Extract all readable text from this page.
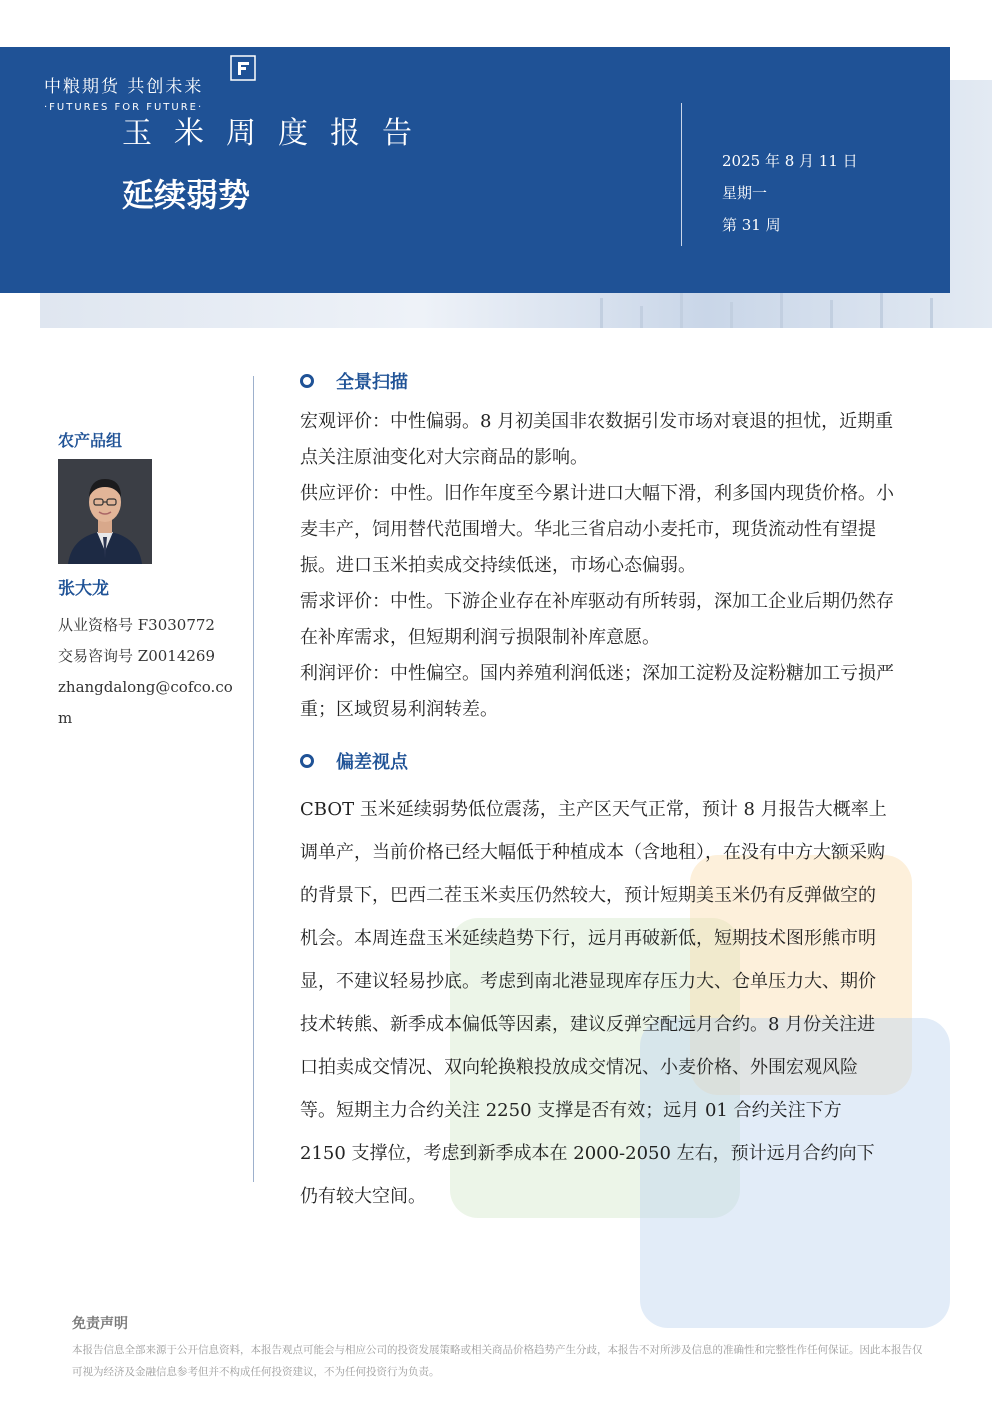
中粮期货 共创未来
·FUTURES FOR FUTURE·
玉米周度报告
延续弱势
2025 年 8 月 11 日
星期一
第 31 周
农产品组
张大龙
从业资格号 F3030772
交易咨询号 Z0014269
zhangdalong@cofco.com
全景扫描

宏观评价：中性偏弱。8 月初美国非农数据引发市场对衰退的担忧，近期重点关注原油变化对大宗商品的影响。

供应评价：中性。旧作年度至今累计进口大幅下滑，利多国内现货价格。小麦丰产，饲用替代范围增大。华北三省启动小麦托市，现货流动性有望提振。进口玉米拍卖成交持续低迷，市场心态偏弱。

需求评价：中性。下游企业存在补库驱动有所转弱，深加工企业后期仍然存在补库需求，但短期利润亏损限制补库意愿。

利润评价：中性偏空。国内养殖利润低迷；深加工淀粉及淀粉糖加工亏损严重；区域贸易利润转差。

偏差视点
CBOT 玉米延续弱势低位震荡，主产区天气正常，预计 8 月报告大概率上调单产，当前价格已经大幅低于种植成本（含地租），在没有中方大额采购的背景下，巴西二茬玉米卖压仍然较大，预计短期美玉米仍有反弹做空的机会。本周连盘玉米延续趋势下行，远月再破新低，短期技术图形熊市明显，不建议轻易抄底。考虑到南北港显现库存压力大、仓单压力大、期价技术转熊、新季成本偏低等因素，建议反弹空配远月合约。8 月份关注进口拍卖成交情况、双向轮换粮投放成交情况、小麦价格、外围宏观风险等。短期主力合约关注 2250 支撑是否有效；远月 01 合约关注下方 2150 支撑位，考虑到新季成本在 2000-2050 左右，预计远月合约向下仍有较大空间。
免责声明
本报告信息全部来源于公开信息资料，本报告观点可能会与相应公司的投资发展策略或相关商品价格趋势产生分歧，本报告不对所涉及信息的准确性和完整性作任何保证。因此本报告仅可视为经济及金融信息参考但并不构成任何投资建议，不为任何投资行为负责。
